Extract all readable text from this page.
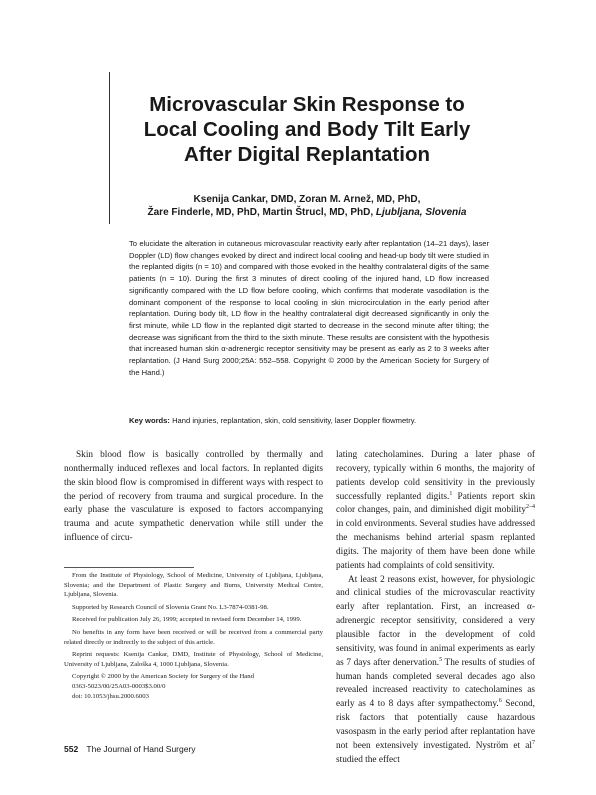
Microvascular Skin Response to
Local Cooling and Body Tilt Early
After Digital Replantation
Ksenija Cankar, DMD, Zoran M. Arnež, MD, PhD,
Žare Finderle, MD, PhD, Martin Štrucl, MD, PhD, Ljubljana, Slovenia
To elucidate the alteration in cutaneous microvascular reactivity early after replantation (14–21 days), laser Doppler (LD) flow changes evoked by direct and indirect local cooling and head-up body tilt were studied in the replanted digits (n = 10) and compared with those evoked in the healthy contralateral digits of the same patients (n = 10). During the first 3 minutes of direct cooling of the injured hand, LD flow increased significantly compared with the LD flow before cooling, which confirms that moderate vasodilation is the dominant component of the response to local cooling in skin microcirculation in the early period after replantation. During body tilt, LD flow in the healthy contralateral digit decreased significantly in only the first minute, while LD flow in the replanted digit started to decrease in the second minute after tilting; the decrease was significant from the third to the sixth minute. These results are consistent with the hypothesis that increased human skin α-adrenergic receptor sensitivity may be present as early as 2 to 3 weeks after replantation. (J Hand Surg 2000;25A: 552–558. Copyright © 2000 by the American Society for Surgery of the Hand.)
Key words: Hand injuries, replantation, skin, cold sensitivity, laser Doppler flowmetry.

Skin blood flow is basically controlled by thermally and nonthermally induced reflexes and local factors. In replanted digits the skin blood flow is compromised in different ways with respect to the period of recovery from trauma and surgical procedure. In the early phase the vasculature is exposed to factors accompanying trauma and acute sympathetic denervation while still under the influence of circu-

From the Institute of Physiology, School of Medicine, University of Ljubljana, Ljubljana, Slovenia; and the Department of Plastic Surgery and Burns, University Medical Centre, Ljubljana, Slovenia.

Supported by Research Council of Slovenia Grant No. L3-7874-0381-98.

Received for publication July 26, 1999; accepted in revised form December 14, 1999.

No benefits in any form have been received or will be received from a commercial party related directly or indirectly to the subject of this article.

Reprint requests: Ksenija Cankar, DMD, Institute of Physiology, School of Medicine, University of Ljubljana, Zaloška 4, 1000 Ljubljana, Slovenia.

Copyright © 2000 by the American Society for Surgery of the Hand

0363-5023/00/25A03-0003$3.00/0

doi: 10.1053/jhsu.2000.6003

lating catecholamines. During a later phase of recovery, typically within 6 months, the majority of patients develop cold sensitivity in the previously successfully replanted digits.$^1$ Patients report skin color changes, pain, and diminished digit mobility$^{2-4}$ in cold environments. Several studies have addressed the mechanisms behind arterial spasm replanted digits. The majority of them have been done while patients had complaints of cold sensitivity.

At least 2 reasons exist, however, for physiologic and clinical studies of the microvascular reactivity early after replantation. First, an increased α-adrenergic receptor sensitivity, considered a very plausible factor in the development of cold sensitivity, was found in animal experiments as early as 7 days after denervation.$^5$ The results of studies of human hands completed several decades ago also revealed increased reactivity to catecholamines as early as 4 to 8 days after sympathectomy.$^6$ Second, risk factors that potentially cause hazardous vasospasm in the early period after replantation have not been extensively investigated. Nyström et $al^7$ studied the effect

552 The Journal of Hand Surgery
